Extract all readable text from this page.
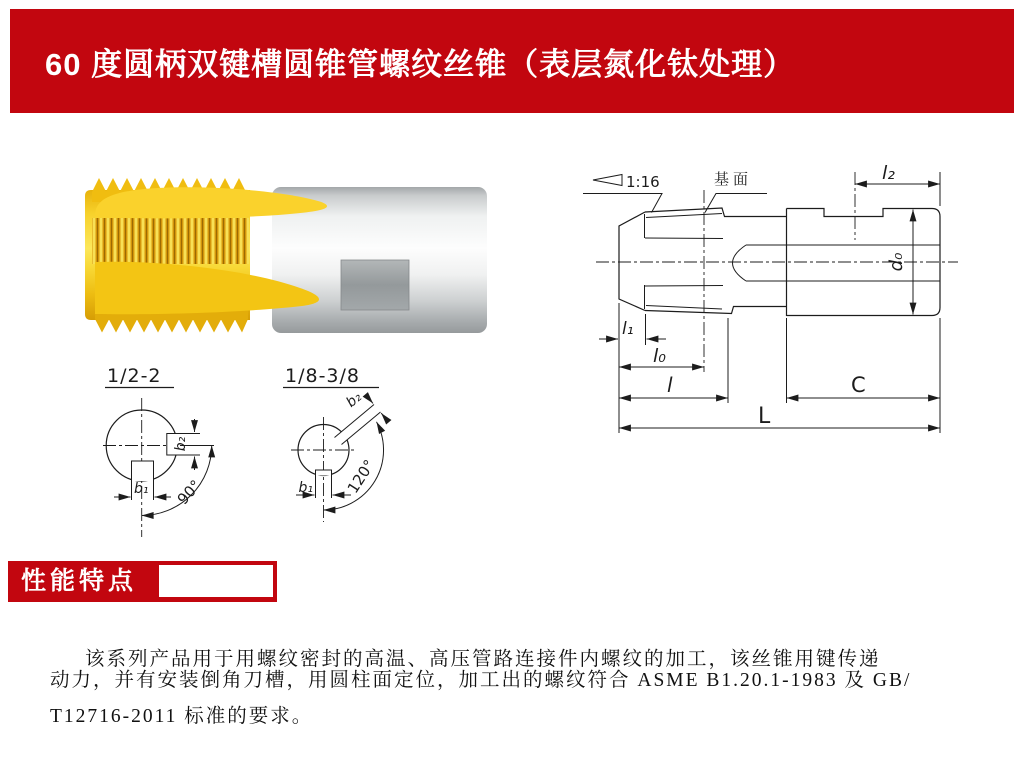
60 度圆柄双键槽圆锥管螺纹丝锥（表层氮化钛处理）
1:16	基面	l₂
d₀
l₁
l₀
l	C
L
1/2-2
b₂
b₁ 90°
1/8-3/8
b₂
b₁ 120°
性能特点
该系列产品用于用螺纹密封的高温、高压管路连接件内螺纹的加工，该丝锥用键传递
动力，并有安装倒角刀槽，用圆柱面定位，加工出的螺纹符合 ASME B1.20.1-1983 及 GB/
T12716-2011 标准的要求。
